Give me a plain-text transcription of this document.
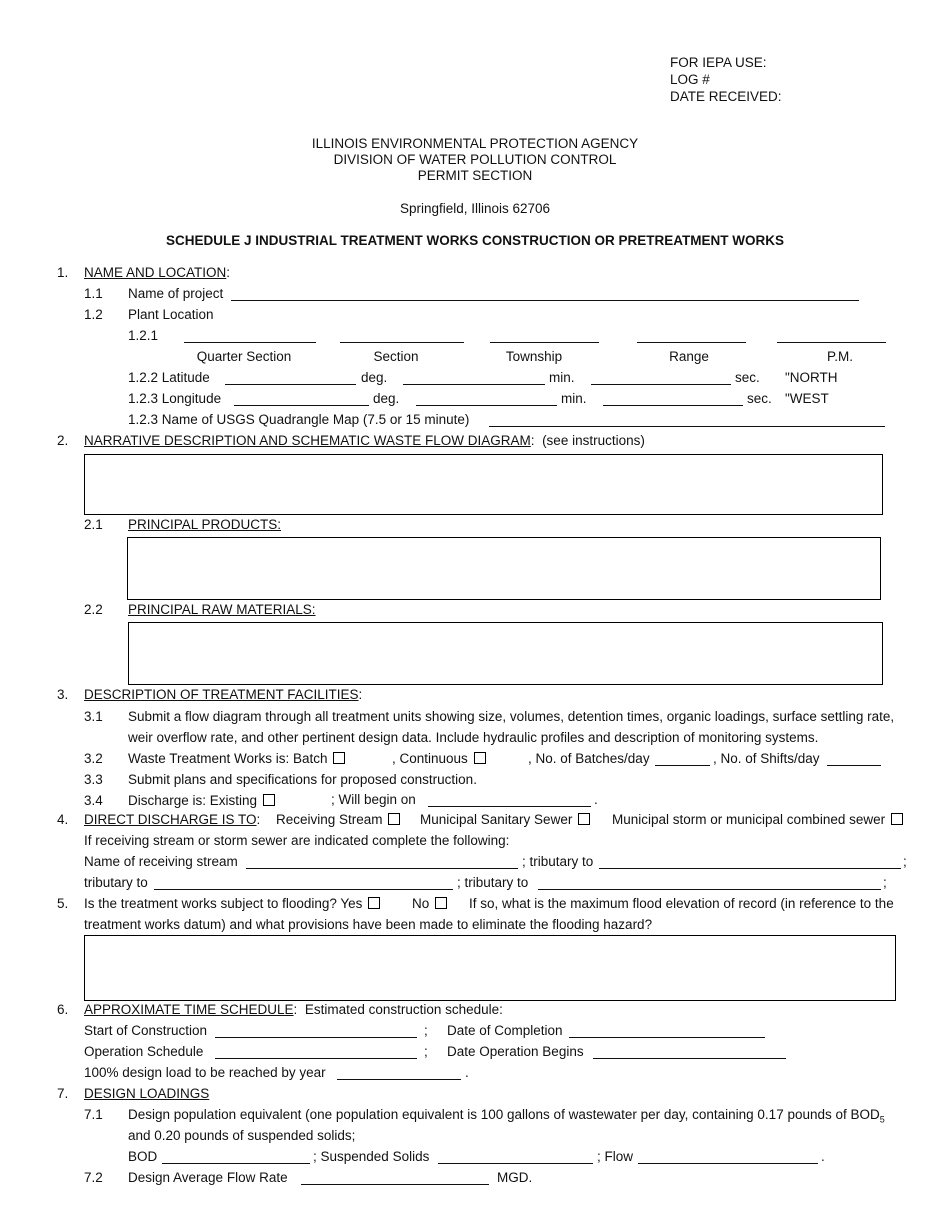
FOR IEPA USE:
LOG #
DATE RECEIVED:
ILLINOIS ENVIRONMENTAL PROTECTION AGENCY
DIVISION OF WATER POLLUTION CONTROL
PERMIT SECTION
Springfield, Illinois 62706
SCHEDULE J INDUSTRIAL TREATMENT WORKS CONSTRUCTION OR PRETREATMENT WORKS
1. NAME AND LOCATION:
1.1 Name of project
1.2 Plant Location
1.2.1
Quarter Section	Section	Township	Range	P.M.
1.2.2 Latitude	deg.	min.	sec. "NORTH
1.2.3 Longitude	deg.	min.	sec. "WEST
1.2.3 Name of USGS Quadrangle Map (7.5 or 15 minute)
2. NARRATIVE DESCRIPTION AND SCHEMATIC WASTE FLOW DIAGRAM:  (see instructions)
2.1 PRINCIPAL PRODUCTS:
2.2 PRINCIPAL RAW MATERIALS:
3. DESCRIPTION OF TREATMENT FACILITIES:
3.1 Submit a flow diagram through all treatment units showing size, volumes, detention times, organic loadings, surface settling rate,
weir overflow rate, and other pertinent design data. Include hydraulic profiles and description of monitoring systems.
3.2 Waste Treatment Works is: Batch	, Continuous	, No. of Batches/day	, No. of Shifts/day
3.3 Submit plans and specifications for proposed construction.
3.4 Discharge is: Existing	; Will begin on	.
4. DIRECT DISCHARGE IS TO: Receiving Stream	Municipal Sanitary Sewer	Municipal storm or municipal combined sewer
If receiving stream or storm sewer are indicated complete the following:
Name of receiving stream	; tributary to	;
tributary to	; tributary to	;
5. Is the treatment works subject to flooding? Yes	No	If so, what is the maximum flood elevation of record (in reference to the
treatment works datum) and what provisions have been made to eliminate the flooding hazard?
6. APPROXIMATE TIME SCHEDULE:  Estimated construction schedule:
Start of Construction	; Date of Completion
Operation Schedule	; Date Operation Begins
100% design load to be reached by year	.
7. DESIGN LOADINGS
7.1 Design population equivalent (one population equivalent is 100 gallons of wastewater per day, containing 0.17 pounds of $BOD_5$
and 0.20 pounds of suspended solids;
BOD	; Suspended Solids	; Flow	.
7.2 Design Average Flow Rate	MGD.
